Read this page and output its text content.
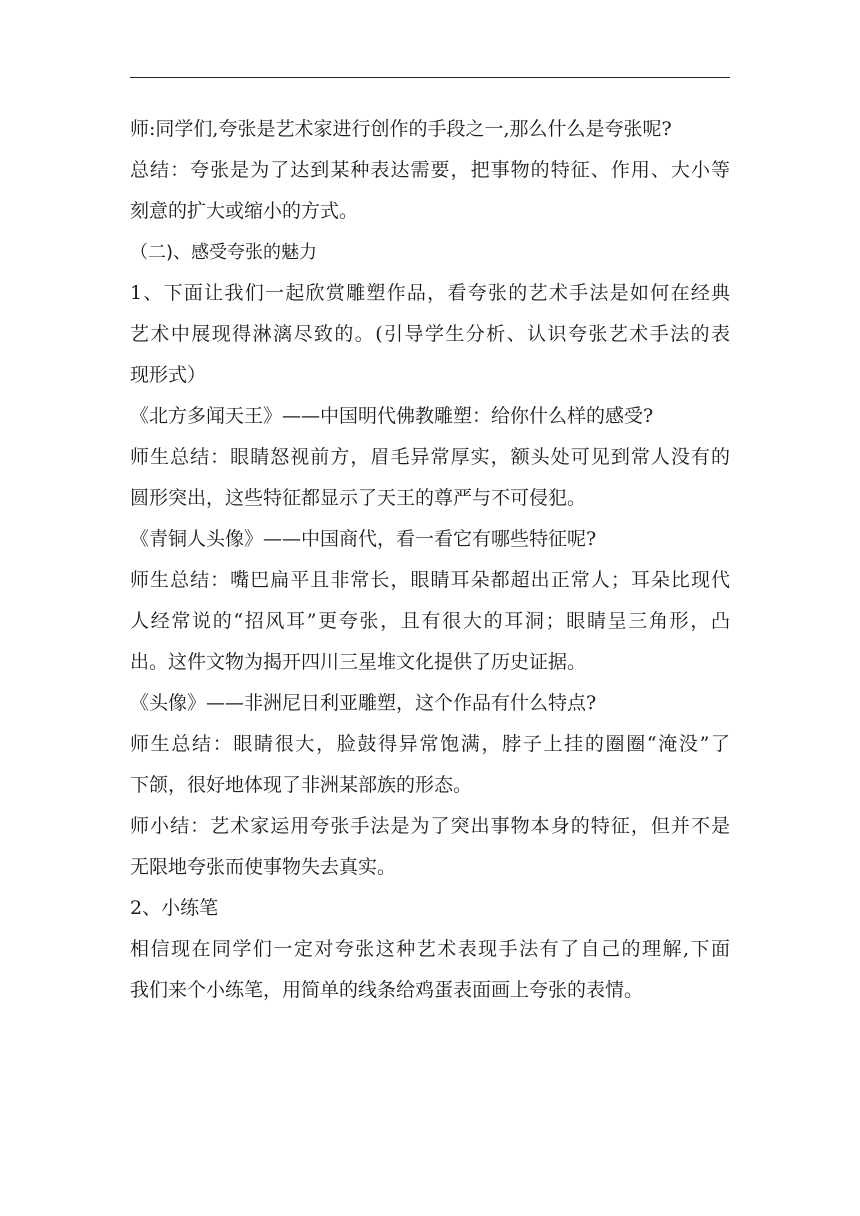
师:同学们,夸张是艺术家进行创作的手段之一,那么什么是夸张呢?
总结：夸张是为了达到某种表达需要，把事物的特征、作用、大小等
刻意的扩大或缩小的方式。
（二)、感受夸张的魅力
1、下面让我们一起欣赏雕塑作品，看夸张的艺术手法是如何在经典
艺术中展现得淋漓尽致的。(引导学生分析、认识夸张艺术手法的表
现形式）
《北方多闻天王》——中国明代佛教雕塑：给你什么样的感受?
师生总结：眼睛怒视前方，眉毛异常厚实，额头处可见到常人没有的
圆形突出，这些特征都显示了天王的尊严与不可侵犯。
《青铜人头像》——中国商代，看一看它有哪些特征呢?
师生总结：嘴巴扁平且非常长，眼睛耳朵都超出正常人；耳朵比现代
人经常说的“招风耳”更夸张，且有很大的耳洞；眼睛呈三角形，凸
出。这件文物为揭开四川三星堆文化提供了历史证据。
《头像》——非洲尼日利亚雕塑，这个作品有什么特点?
师生总结：眼睛很大，脸鼓得异常饱满，脖子上挂的圈圈“淹没”了
下颌，很好地体现了非洲某部族的形态。
师小结：艺术家运用夸张手法是为了突出事物本身的特征，但并不是
无限地夸张而使事物失去真实。
2、小练笔
相信现在同学们一定对夸张这种艺术表现手法有了自己的理解,下面
我们来个小练笔，用简单的线条给鸡蛋表面画上夸张的表情。
